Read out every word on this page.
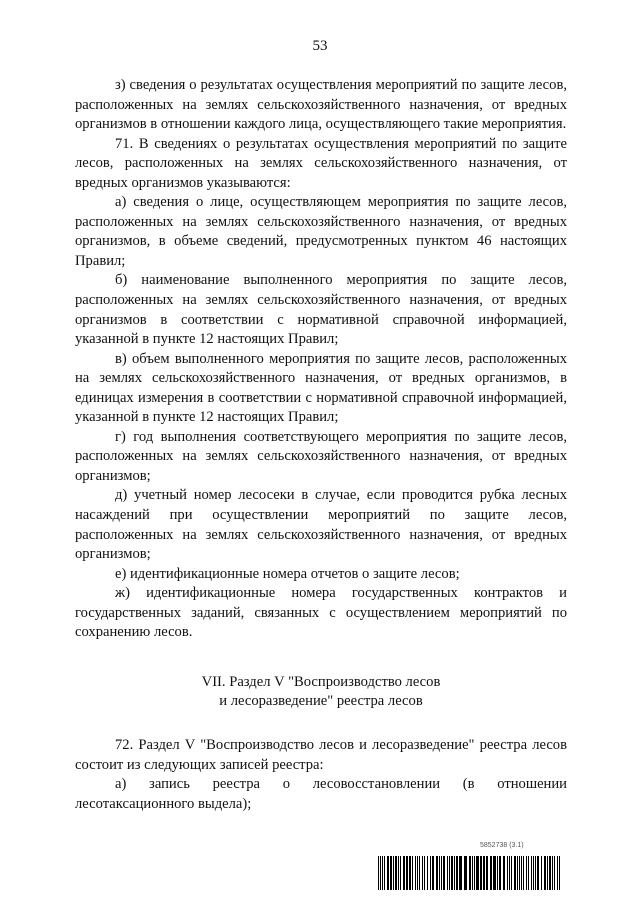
53

з) сведения о результатах осуществления мероприятий по защите лесов, расположенных на землях сельскохозяйственного назначения, от вредных организмов в отношении каждого лица, осуществляющего такие мероприятия.

71. В сведениях о результатах осуществления мероприятий по защите лесов, расположенных на землях сельскохозяйственного назначения, от вредных организмов указываются:

а) сведения о лице, осуществляющем мероприятия по защите лесов, расположенных на землях сельскохозяйственного назначения, от вредных организмов, в объеме сведений, предусмотренных пунктом 46 настоящих Правил;

б) наименование выполненного мероприятия по защите лесов, расположенных на землях сельскохозяйственного назначения, от вредных организмов в соответствии с нормативной справочной информацией, указанной в пункте 12 настоящих Правил;

в) объем выполненного мероприятия по защите лесов, расположенных на землях сельскохозяйственного назначения, от вредных организмов, в единицах измерения в соответствии с нормативной справочной информацией, указанной в пункте 12 настоящих Правил;

г) год выполнения соответствующего мероприятия по защите лесов, расположенных на землях сельскохозяйственного назначения, от вредных организмов;

д) учетный номер лесосеки в случае, если проводится рубка лесных насаждений при осуществлении мероприятий по защите лесов, расположенных на землях сельскохозяйственного назначения, от вредных организмов;

е) идентификационные номера отчетов о защите лесов;

ж) идентификационные номера государственных контрактов и государственных заданий, связанных с осуществлением мероприятий по сохранению лесов.

VII. Раздел V "Воспроизводство лесов
и лесоразведение" реестра лесов

72. Раздел V "Воспроизводство лесов и лесоразведение" реестра лесов состоит из следующих записей реестра:

а) запись реестра о лесовосстановлении (в отношении лесотаксационного выдела);

5852738 (3.1)
